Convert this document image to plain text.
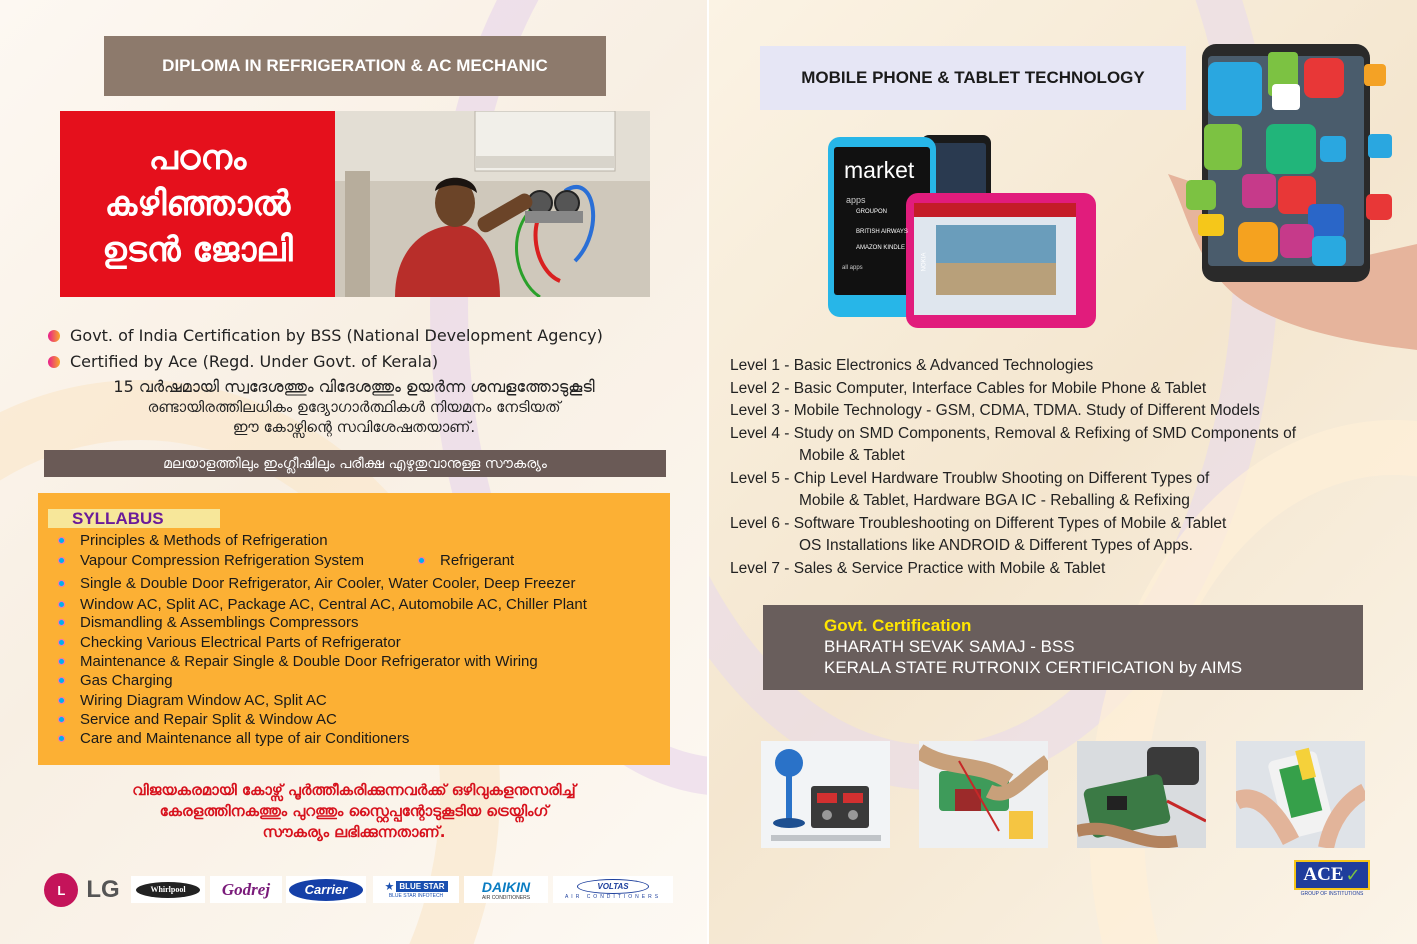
DIPLOMA IN REFRIGERATION & AC MECHANIC
പഠനം
കഴിഞ്ഞാൽ
ഉടൻ ജോലി
Govt. of India Certification by BSS (National Development Agency)
Certified by Ace (Regd. Under Govt. of Kerala)
15 വർഷമായി സ്വദേശത്തും വിദേശത്തും ഉയർന്ന ശമ്പളത്തോടുകൂടി
രണ്ടായിരത്തിലധികം ഉദ്യോഗാർത്ഥികൾ നിയമനം നേടിയത്
ഈ കോഴ്സിന്റെ സവിശേഷതയാണ്.
മലയാളത്തിലും ഇംഗ്ലീഷിലും പരീക്ഷ എഴുതുവാനുള്ള സൗകര്യം
SYLLABUS
Principles & Methods of Refrigeration
Vapour Compression Refrigeration System	Refrigerant
Single & Double Door Refrigerator, Air Cooler, Water Cooler, Deep Freezer
Window AC, Split AC, Package AC, Central AC, Automobile AC, Chiller Plant
Dismandling & Assemblings Compressors
Checking Various Electrical Parts of Refrigerator
Maintenance & Repair Single & Double Door Refrigerator with Wiring
Gas Charging
Wiring Diagram Window AC, Split AC
Service and Repair Split & Window AC
Care and Maintenance all type of air Conditioners
വിജയകരമായി കോഴ്സ് പൂർത്തീകരിക്കുന്നവർക്ക് ഒഴിവുകളനുസരിച്ച്
കേരളത്തിനകത്തും പുറത്തും സ്റ്റൈപ്പന്റോടുകൂടിയ ട്രെയ്നിംഗ്
സൗകര്യം ലഭിക്കുന്നതാണ്.
L LG	Whirlpool	Godrej	Carrier	★ BLUE STAR
BLUE STAR INFOTECH
DAIKIN
AIR CONDITIONERS
VOLTAS
AIR CONDITIONERS
MOBILE PHONE & TABLET TECHNOLOGY
market
apps
GROUPON
BRITISH AIRWAYS
AMAZON KINDLE
all apps	NOKIA
Level 1 - Basic Electronics & Advanced Technologies
Level 2 - Basic Computer, Interface Cables for Mobile Phone & Tablet
Level 3 - Mobile Technology - GSM, CDMA, TDMA. Study of Different Models
Level 4 - Study on SMD Components, Removal & Refixing of SMD Components of
Mobile & Tablet
Level 5 - Chip Level Hardware Troublw Shooting on Different Types of
Mobile & Tablet, Hardware BGA IC - Reballing & Refixing
Level 6 - Software Troubleshooting on Different Types of Mobile & Tablet
OS Installations like ANDROID & Different Types of Apps.
Level 7 - Sales & Service Practice with Mobile & Tablet
Govt. Certification
BHARATH SEVAK SAMAJ - BSS
KERALA STATE RUTRONIX CERTIFICATION by AIMS
ACE ✓
GROUP OF INSTITUTIONS
